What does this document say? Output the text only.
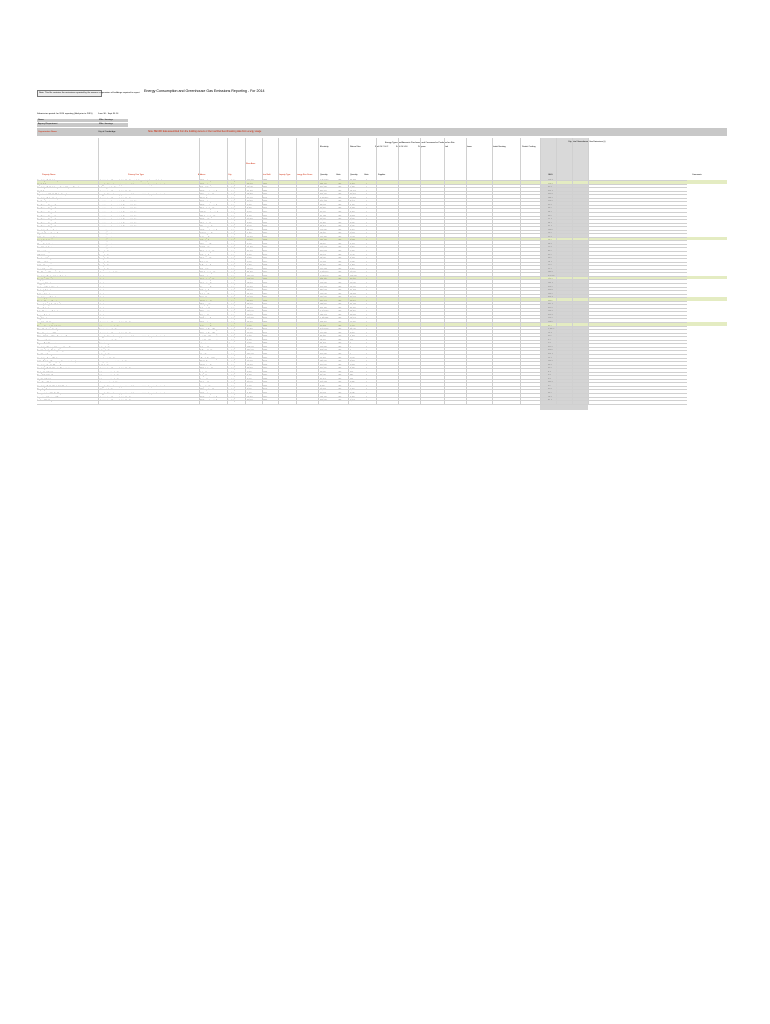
Note: This file contains the emissions reported by the owners or operators of buildings required to report Energy Consumption and Greenhouse Gas Emissions Reporting - For 2014
Submission period: for 2014 reporting (filed prior to 2015)	June 30 - Sept 30 14
Name	Mike Jennings
Agency/Department	Mike Jennings
Organization Name	City of Cambridge	Note: BEUDO data assembled from the building owners or their certified benchmarking data from energy usage
Energy Types and Amounts Purchased and Consumed or Produced on Site	City Total Greenhouse Gas Emissions (t)
Electricity	Natural Gas	Fuel Oil #1 & 2	Fuel Oil #4-6	Propane	Coal	Steam	District Heating	District Cooling
Property Name	Primary Use Type	Address	City
Floor Area
Year Built	Property Type	Energy Star Score	Quantity	Units	Quantity	Units	Supplier	GHG	Comments
Cambridge Public Library	Administrative offices and related facilities, including municipal council chambers	449 Broadway	Cambridge	104,300	1889	1,254,290	kWh	22,188	therms	418.7
City Hall Annex	Energy facilities where equipment or vehicles are maintained, repaired or stored	344 Broadway	Cambridge	32,600	1871	388,410	kWh	9,702	therms	148.2
Cambridge Public Library - Central Square Branch	Performing arts facilities	45 Pearl Street	Cambridge	12,940	1964	210,118	kWh	4,118	therms	71.3
City Hall	Administrative offices and related facilities	795 Massachusetts Ave	Cambridge	61,400	1889	894,200	kWh	18,102	therms	312.4
Department of Public Works Complex	Energy facilities where equipment or vehicles are maintained, repaired or stored	147 Hampshire St	Cambridge	58,700	1956	712,440	kWh	21,306	therms	296.8
Cambridge Police Headquarters	Administrative offices and related facilities	125 6th Street	Cambridge	90,000	2009	2,112,804	kWh	31,882	therms	688.1
Fire Headquarters	Fire stations and associated offices and facilities	491 Broadway	Cambridge	34,800	1933	304,127	kWh	8,004	therms	109.6
Fire Station - Engine 2	Fire stations and associated offices and facilities	378 Massachusetts Ave	Cambridge	9,200	1895	88,912	kWh	3,410	therms	36.2
Fire Station - Engine 3	Fire stations and associated offices and facilities	175 Cambridge St	Cambridge	8,700	1904	76,220	kWh	3,122	therms	32.0
Fire Station - Engine 4	Fire stations and associated offices and facilities	2029 Massachusetts Ave	Cambridge	9,900	1910	91,005	kWh	3,706	therms	38.1
Fire Station - Engine 5	Fire stations and associated offices and facilities	1384 Cambridge St	Cambridge	8,100	1914	70,448	kWh	2,987	therms	29.9
Fire Station - Engine 6	Fire stations and associated offices and facilities	176 River St	Cambridge	10,300	1922	95,610	kWh	3,920	therms	40.4
Fire Station - Engine 8	Fire stations and associated offices and facilities	113 Garden St	Cambridge	7,800	1926	66,730	kWh	2,811	therms	28.1
Fire Station - Engine 9	Fire stations and associated offices and facilities	167 Lexington Ave	Cambridge	8,500	1929	72,114	kWh	3,005	therms	30.4
Cambridge Senior Center	Community centers	806 Massachusetts Ave	Cambridge	28,000	1998	402,335	kWh	7,650	therms	137.9
Citywide Senior Center Annex	Community centers	10 Wellington St	Cambridge	6,400	1950	48,210	kWh	1,902	therms	19.6
Coffon Community Center	Community centers	71 Cherry St	Cambridge	15,200	1975	164,730	kWh	4,512	therms	60.3
Gately Youth Center	Community centers	70 Rindge Ave	Cambridge	11,800	1968	121,440	kWh	3,877	therms	47.0
Moses Youth Center	Community centers	243 Harvard St	Cambridge	9,600	1972	98,805	kWh	3,102	therms	38.3
Frisoli Youth Center	Community centers	61 Willow St	Cambridge	10,400	1970	104,667	kWh	3,390	therms	41.2
Valente Library	Library facilities	826 Cambridge St	Cambridge	20,100	2014	260,812	kWh	4,220	therms	85.0
O'Neill Library	Library facilities	70 Rindge Ave	Cambridge	7,300	2013	77,902	kWh	1,540	therms	26.0
Boudreau Library	Library facilities	245 Concord Ave	Cambridge	6,800	1964	58,340	kWh	2,108	therms	22.9
O'Connell Library	Library facilities	48 Sixth St	Cambridge	5,900	1940	44,218	kWh	1,876	therms	18.4
Collins Library	Library facilities	64 Aberdeen Ave	Cambridge	4,700	1938	36,710	kWh	1,492	therms	14.9
Central Square Library	Library facilities	45 Pearl St	Cambridge	12,900	1964	140,122	kWh	3,350	therms	51.1
War Memorial Recreation Center	Indoor recreation facilities	1640 Cambridge St	Cambridge	82,400	1960	1,308,560	kWh	44,910	therms	587.3
Cambridge Rindge & Latin School	Schools	459 Broadway	Cambridge	420,000	1977	6,842,100	kWh	168,330	therms	2,594.8
King Open School	Schools	850 Cambridge St	Cambridge	112,000	1971	998,420	kWh	36,210	therms	415.6
Haggerty School	Schools	110 Cushing St	Cambridge	48,800	1962	412,080	kWh	15,840	therms	173.4
Graham & Parks School	Schools	44 Linnaean St	Cambridge	61,300	1902	501,224	kWh	19,005	therms	209.6
Peabody School	Schools	70 Rindge Ave	Cambridge	98,500	1950	880,613	kWh	30,412	therms	362.8
Baldwin School	Schools	85 Oxford St	Cambridge	57,100	1890	455,919	kWh	18,228	therms	193.0
Cambridgeport School	Schools	89 Elm St	Cambridge	64,000	1891	520,340	kWh	20,614	therms	219.7
Fletcher Maynard Academy	Schools	225 Windsor St	Cambridge	87,300	1973	790,114	kWh	27,950	therms	327.5
Kennedy-Longfellow School	Schools	158 Spring St	Cambridge	78,600	1966	688,205	kWh	25,442	therms	290.4
Morse School	Schools	40 Granite St	Cambridge	82,200	1955	716,430	kWh	26,105	therms	300.6
Tobin Montessori School	Schools	197 Vassal Ln	Cambridge	120,500	1971	1,104,260	kWh	38,760	therms	459.1
Amigos School	Schools	15 Upton St	Cambridge	69,900	1926	588,102	kWh	22,871	therms	246.3
King School	Schools	100 Putnam Ave	Cambridge	104,800	2015	1,420,885	kWh	12,004	therms	446.0
Longfellow Building	Administrative offices and related facilities	359 Broadway	Cambridge	52,300	1893	398,700	kWh	16,230	therms	168.9
Thomas Danehy Park Fieldhouse	Outdoor recreation facilities	99 Sherman St	Cambridge	4,900	1991	61,208	kWh	1,006	therms	20.0
Water Purification Facility	Water treatment facilities	250 Fresh Pond Pkwy	Cambridge	64,700	2001	3,904,620	kWh	22,640	therms	1,195.4
Water Department Office	Administrative offices and related facilities	250 Fresh Pond Pkwy	Cambridge	11,000	2001	140,380	kWh	2,990	therms	49.7
Walter J Sullivan Water Treatment Annex	Energy facilities where equipment or vehicles are maintained, repaired or stored	Fresh Pond Reservation	Cambridge	6,300	1923	82,776	kWh	2,402	therms	31.5
Reservoir Gatehouse	Water treatment facilities	Fresh Pond Reservation	Cambridge	2,100	1912	18,060	kWh	612	therms	7.0
Payson Park Reservoir	Water storage	Belmont	Belmont	1,900	1897	22,414	kWh	0	therms	6.8
Cambridge Municipal Garage - Green St	Parking facilities	10 Green St	Cambridge	168,000	1971	662,330	kWh	0	therms	200.6
East Cambridge Parking Garage	Parking facilities	35 Thorndike St	Cambridge	220,000	1983	818,612	kWh	0	therms	247.9
First Street Garage	Parking facilities	1 First St	Cambridge	190,000	1985	701,225	kWh	0	therms	212.4
Cambridge Animal Shelter	Animal control facilities	1 Alewife Brook Pkwy	Cambridge	3,400	1970	40,112	kWh	1,510	therms	16.1
Coffon Building (Emergency Communications)	Emergency communications facilities	125 6th St	Cambridge	14,600	2009	584,310	kWh	3,802	therms	197.1
Cambridge Health Alliance Annex	Health facilities	119 Windsor St	Cambridge	18,200	1958	210,905	kWh	5,998	therms	79.3
Cambridge Public Schools Administration	Administrative offices and related facilities	135 Berkshire St	Cambridge	23,800	1960	240,110	kWh	7,120	therms	91.6
Rindge Field Fieldhouse	Outdoor recreation facilities	Rindge Ave	Cambridge	2,800	1988	22,870	kWh	702	therms	8.7
Russell Field Fieldhouse	Outdoor recreation facilities	Rindge Ave	Cambridge	3,100	1990	25,640	kWh	780	therms	9.8
Hoyt Field Fieldhouse	Outdoor recreation facilities	Western Ave	Cambridge	2,600	1987	20,114	kWh	655	therms	7.8
Gore Street Rink	Indoor recreation facilities	201 Gore St	Cambridge	31,500	1972	904,218	kWh	9,885	therms	325.2
Cambridge Public Works Salt Shed	Energy facilities where equipment or vehicles are maintained, repaired or stored	Hampshire St	Cambridge	5,600	1995	8,220	kWh	0	therms	2.5
Recycling Center	Solid waste facilities	147 Hampshire St	Cambridge	7,900	2002	66,312	kWh	1,700	therms	24.8
Transportation & Traffic Shop	Energy facilities where equipment or vehicles are maintained, repaired or stored	344 Broadway	Cambridge	9,400	1965	71,908	kWh	2,845	therms	29.0
Inspectional Services Office	Administrative offices and related facilities	831 Massachusetts Ave	Cambridge	13,700	1950	128,440	kWh	3,766	therms	48.2
Lombardi Building	Administrative offices and related facilities	831 Massachusetts Ave	Cambridge	21,900	1955	215,660	kWh	6,004	therms	80.4
